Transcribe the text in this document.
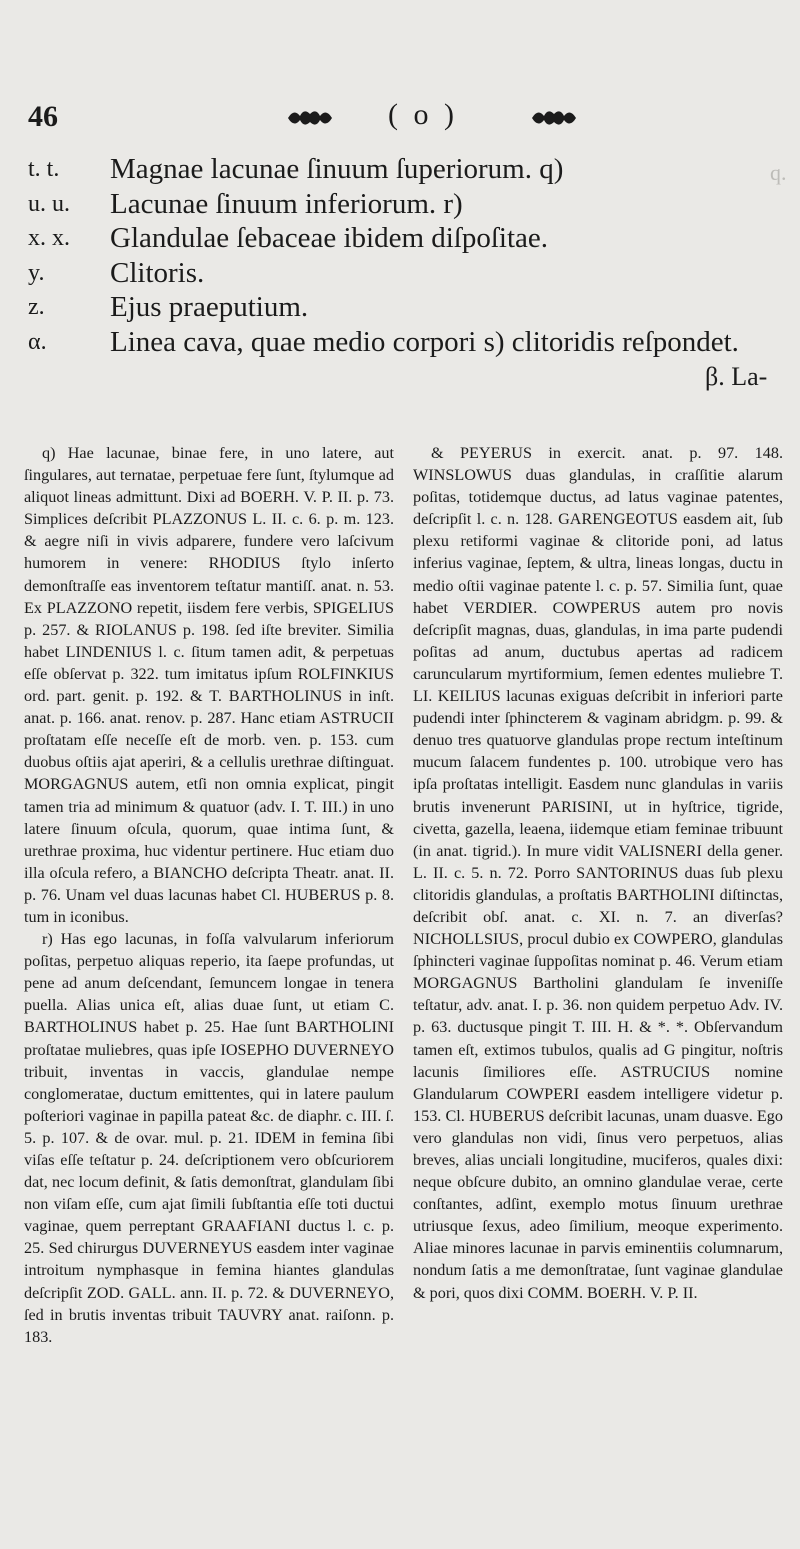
q.
46	( o )
t. t.	Magnae lacunae ſinuum ſuperiorum. q)
u. u.	Lacunae ſinuum inferiorum. r)
x. x.	Glandulae ſebaceae ibidem diſpoſitae.
y.	Clitoris.
z.	Ejus praeputium.
α.	Linea cava, quae medio corpori s) clitoridis reſpondet.
β. La-

q) Hae lacunae, binae fere, in uno latere, aut ſingulares, aut ternatae, perpetuae fere ſunt, ſtylumque ad aliquot lineas admittunt. Dixi ad BOERH. V. P. II. p. 73. Simplices deſcribit PLAZZONUS L. II. c. 6. p. m. 123. & aegre niſi in vivis adparere, fundere vero laſcivum humorem in venere: RHODIUS ſtylo inſerto demonſtraſſe eas inventorem teſtatur mantiſſ. anat. n. 53. Ex PLAZZONO repetit, iisdem fere verbis, SPIGELIUS p. 257. & RIOLANUS p. 198. ſed iſte breviter. Similia habet LINDENIUS l. c. ſitum tamen adit, & perpetuas eſſe obſervat p. 322. tum imitatus ipſum ROLFINKIUS ord. part. genit. p. 192. & T. BARTHOLINUS in inſt. anat. p. 166. anat. renov. p. 287. Hanc etiam ASTRUCII proſtatam eſſe neceſſe eſt de morb. ven. p. 153. cum duobus oſtiis ajat aperiri, & a cellulis urethrae diſtinguat. MORGAGNUS autem, etſi non omnia explicat, pingit tamen tria ad minimum & quatuor (adv. I. T. III.) in uno latere ſinuum oſcula, quorum, quae intima ſunt, & urethrae proxima, huc videntur pertinere. Huc etiam duo illa oſcula refero, a BIANCHO deſcripta Theatr. anat. II. p. 76. Unam vel duas lacunas habet Cl. HUBERUS p. 8. tum in iconibus.

r) Has ego lacunas, in foſſa valvularum inferiorum poſitas, perpetuo aliquas reperio, ita ſaepe profundas, ut pene ad anum deſcendant, ſemuncem longae in tenera puella. Alias unica eſt, alias duae ſunt, ut etiam C. BARTHOLINUS habet p. 25. Hae ſunt BARTHOLINI proſtatae muliebres, quas ipſe IOSEPHO DUVERNEYO tribuit, inventas in vaccis, glandulae nempe conglomeratae, ductum emittentes, qui in latere paulum poſteriori vaginae in papilla pateat &c. de diaphr. c. III. ſ. 5. p. 107. & de ovar. mul. p. 21. IDEM in femina ſibi viſas eſſe teſtatur p. 24. deſcriptionem vero obſcuriorem dat, nec locum definit, & ſatis demonſtrat, glandulam ſibi non viſam eſſe, cum ajat ſimili ſubſtantia eſſe toti ductui vaginae, quem perreptant GRAAFIANI ductus l. c. p. 25. Sed chirurgus DUVERNEYUS easdem inter vaginae introitum nymphasque in femina hiantes glandulas deſcripſit ZOD. GALL. ann. II. p. 72. & DUVERNEYO, ſed in brutis inventas tribuit TAUVRY anat. raiſonn. p. 183.

& PEYERUS in exercit. anat. p. 97. 148. WINSLOWUS duas glandulas, in craſſitie alarum poſitas, totidemque ductus, ad latus vaginae patentes, deſcripſit l. c. n. 128. GARENGEOTUS easdem ait, ſub plexu retiformi vaginae & clitoride poni, ad latus inferius vaginae, ſeptem, & ultra, lineas longas, ductu in medio oſtii vaginae patente l. c. p. 57. Similia ſunt, quae habet VERDIER. COWPERUS autem pro novis deſcripſit magnas, duas, glandulas, in ima parte pudendi poſitas ad anum, ductubus apertas ad radicem caruncularum myrtiformium, ſemen edentes muliebre T. LI. KEILIUS lacunas exiguas deſcribit in inferiori parte pudendi inter ſphincterem & vaginam abridgm. p. 99. & denuo tres quatuorve glandulas prope rectum inteſtinum mucum ſalacem fundentes p. 100. utrobique vero has ipſa proſtatas intelligit. Easdem nunc glandulas in variis brutis invenerunt PARISINI, ut in hyſtrice, tigride, civetta, gazella, leaena, iidemque etiam feminae tribuunt (in anat. tigrid.). In mure vidit VALISNERI della gener. L. II. c. 5. n. 72. Porro SANTORINUS duas ſub plexu clitoridis glandulas, a proſtatis BARTHOLINI diſtinctas, deſcribit obſ. anat. c. XI. n. 7. an diverſas? NICHOLLSIUS, procul dubio ex COWPERO, glandulas ſphincteri vaginae ſuppoſitas nominat p. 46. Verum etiam MORGAGNUS Bartholini glandulam ſe inveniſſe teſtatur, adv. anat. I. p. 36. non quidem perpetuo Adv. IV. p. 63. ductusque pingit T. III. H. & *. *. Obſervandum tamen eſt, extimos tubulos, qualis ad G pingitur, noſtris lacunis ſimiliores eſſe. ASTRUCIUS nomine Glandularum COWPERI easdem intelligere videtur p. 153. Cl. HUBERUS deſcribit lacunas, unam duasve. Ego vero glandulas non vidi, ſinus vero perpetuos, alias breves, alias unciali longitudine, muciferos, quales dixi: neque obſcure dubito, an omnino glandulae verae, certe conſtantes, adſint, exemplo motus ſinuum urethrae utriusque ſexus, adeo ſimilium, meoque experimento. Aliae minores lacunae in parvis eminentiis columnarum, nondum ſatis a me demonſtratae, ſunt vaginae glandulae & pori, quos dixi COMM. BOERH. V. P. II.
